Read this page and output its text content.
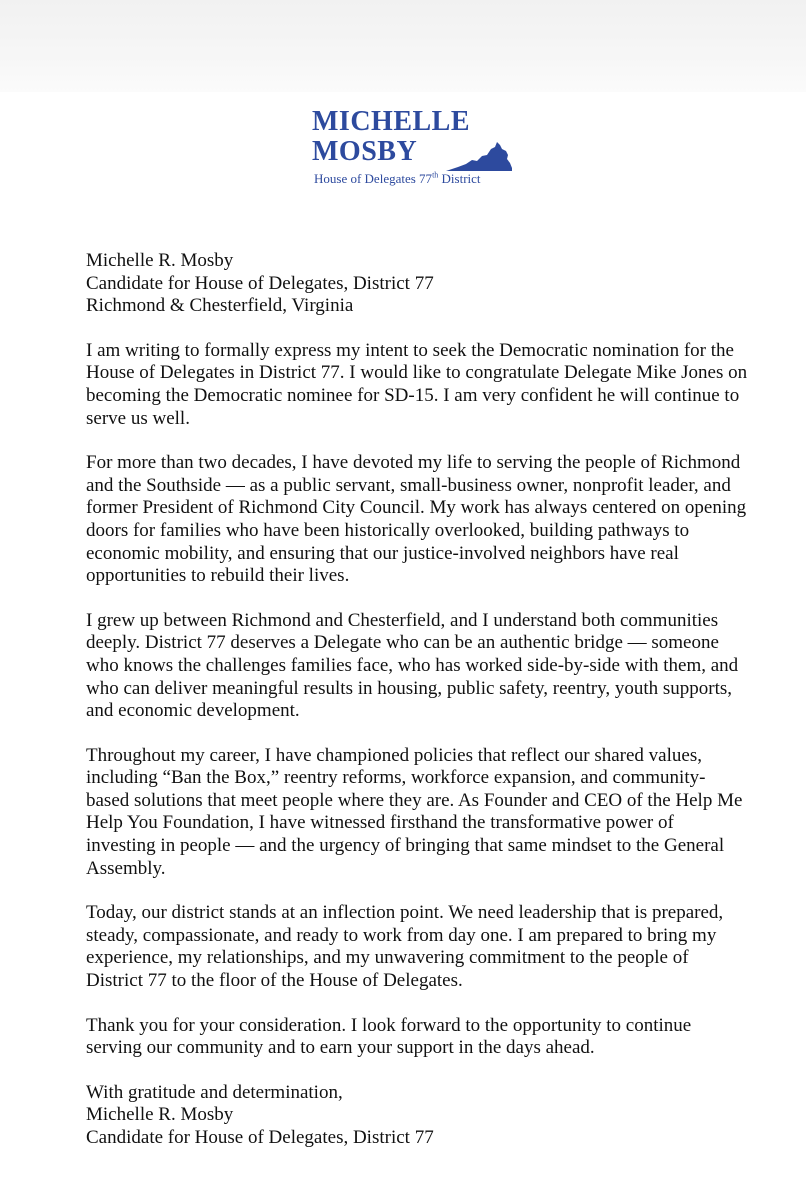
MICHELLE
MOSBY
House of Delegates 77th District
Michelle R. Mosby
Candidate for House of Delegates, District 77
Richmond & Chesterfield, Virginia
I am writing to formally express my intent to seek the Democratic nomination for the
House of Delegates in District 77. I would like to congratulate Delegate Mike Jones on
becoming the Democratic nominee for SD-15. I am very confident he will continue to
serve us well.
For more than two decades, I have devoted my life to serving the people of Richmond
and the Southside — as a public servant, small-business owner, nonprofit leader, and
former President of Richmond City Council. My work has always centered on opening
doors for families who have been historically overlooked, building pathways to
economic mobility, and ensuring that our justice-involved neighbors have real
opportunities to rebuild their lives.
I grew up between Richmond and Chesterfield, and I understand both communities
deeply. District 77 deserves a Delegate who can be an authentic bridge — someone
who knows the challenges families face, who has worked side-by-side with them, and
who can deliver meaningful results in housing, public safety, reentry, youth supports,
and economic development.
Throughout my career, I have championed policies that reflect our shared values,
including “Ban the Box,” reentry reforms, workforce expansion, and community-
based solutions that meet people where they are. As Founder and CEO of the Help Me
Help You Foundation, I have witnessed firsthand the transformative power of
investing in people — and the urgency of bringing that same mindset to the General
Assembly.
Today, our district stands at an inflection point. We need leadership that is prepared,
steady, compassionate, and ready to work from day one. I am prepared to bring my
experience, my relationships, and my unwavering commitment to the people of
District 77 to the floor of the House of Delegates.
Thank you for your consideration. I look forward to the opportunity to continue
serving our community and to earn your support in the days ahead.
With gratitude and determination,
Michelle R. Mosby
Candidate for House of Delegates, District 77
